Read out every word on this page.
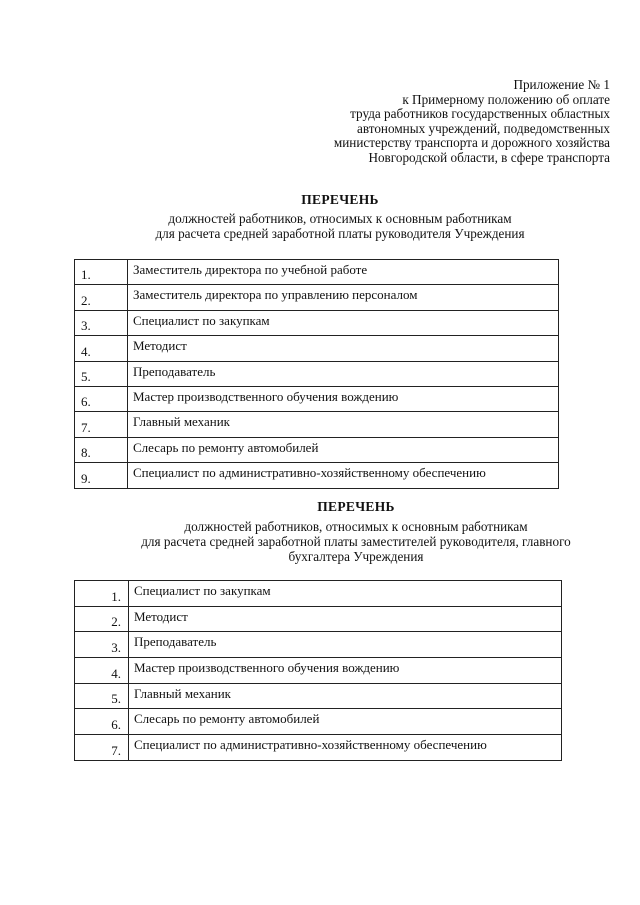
Приложение № 1
к Примерному положению об оплате
труда работников государственных областных
автономных учреждений, подведомственных
министерству транспорта и дорожного хозяйства
Новгородской области, в сфере транспорта
ПЕРЕЧЕНЬ
должностей работников, относимых к основным работникам
для расчета средней заработной платы руководителя Учреждения
1.	Заместитель директора по учебной работе
2.	Заместитель директора по управлению персоналом
3.	Специалист по закупкам
4.	Методист
5.	Преподаватель
6.	Мастер производственного обучения вождению
7.	Главный механик
8.	Слесарь по ремонту автомобилей
9.	Специалист по административно-хозяйственному обеспечению
ПЕРЕЧЕНЬ
должностей работников, относимых к основным работникам
для расчета средней заработной платы заместителей руководителя, главного
бухгалтера Учреждения
1.	Специалист по закупкам
2.	Методист
3.	Преподаватель
4.	Мастер производственного обучения вождению
5.	Главный механик
6.	Слесарь по ремонту автомобилей
7.	Специалист по административно-хозяйственному обеспечению
